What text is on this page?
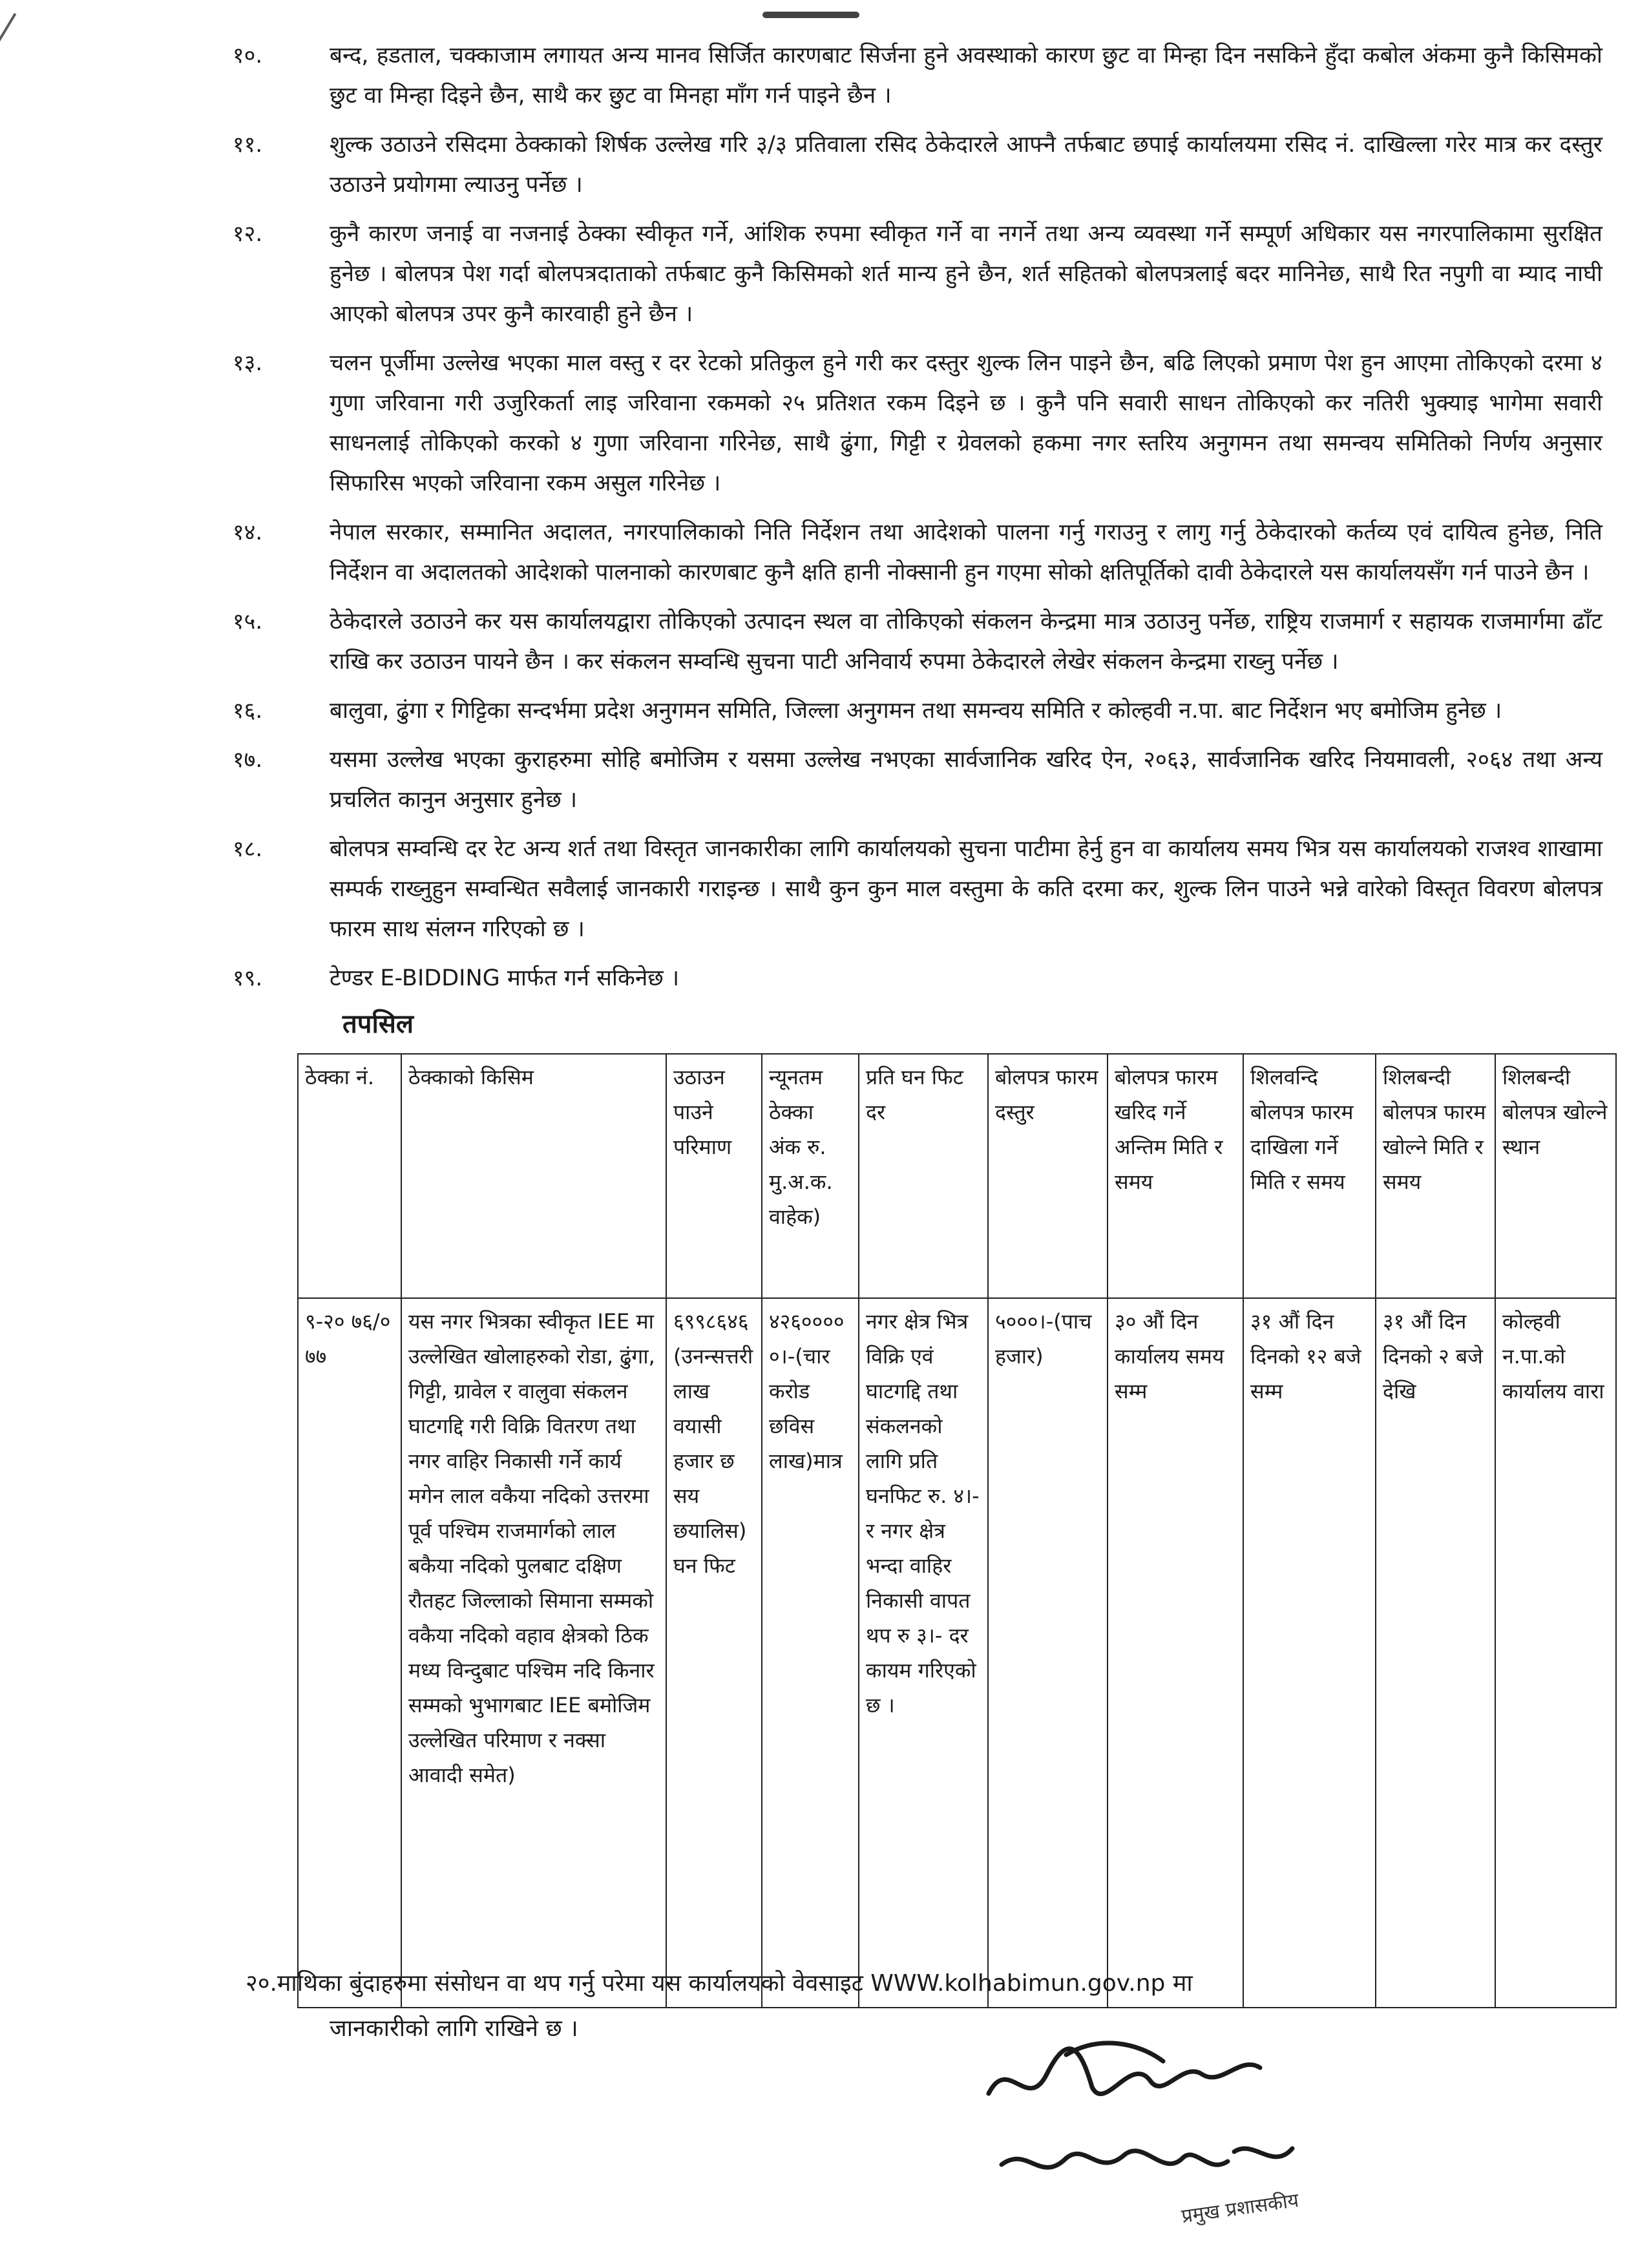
१०.	बन्द, हडताल, चक्काजाम लगायत अन्य मानव सिर्जित कारणबाट सिर्जना हुने अवस्थाको कारण छुट वा मिन्हा दिन नसकिने हुँदा कबोल अंकमा कुनै किसिमको छुट वा मिन्हा दिइने छैन, साथै कर छुट वा मिनहा माँग गर्न पाइने छैन ।
११.	शुल्क उठाउने रसिदमा ठेक्काको शिर्षक उल्लेख गरि ३/३ प्रतिवाला रसिद ठेकेदारले आफ्नै तर्फबाट छपाई कार्यालयमा रसिद नं. दाखिल्ला गरेर मात्र कर दस्तुर उठाउने प्रयोगमा ल्याउनु पर्नेछ ।
१२.	कुनै कारण जनाई वा नजनाई ठेक्का स्वीकृत गर्ने, आंशिक रुपमा स्वीकृत गर्ने वा नगर्ने तथा अन्य व्यवस्था गर्ने सम्पूर्ण अधिकार यस नगरपालिकामा सुरक्षित हुनेछ । बोलपत्र पेश गर्दा बोलपत्रदाताको तर्फबाट कुनै किसिमको शर्त मान्य हुने छैन, शर्त सहितको बोलपत्रलाई बदर मानिनेछ, साथै रित नपुगी वा म्याद नाघी आएको बोलपत्र उपर कुनै कारवाही हुने छैन ।
१३.	चलन पूर्जीमा उल्लेख भएका माल वस्तु र दर रेटको प्रतिकुल हुने गरी कर दस्तुर शुल्क लिन पाइने छैन, बढि लिएको प्रमाण पेश हुन आएमा तोकिएको दरमा ४ गुणा जरिवाना गरी उजुरिकर्ता लाइ जरिवाना रकमको २५ प्रतिशत रकम दिइने छ । कुनै पनि सवारी साधन तोकिएको कर नतिरी भुक्याइ भागेमा सवारी साधनलाई तोकिएको करको ४ गुणा जरिवाना गरिनेछ, साथै ढुंगा, गिट्टी र ग्रेवलको हकमा नगर स्तरिय अनुगमन तथा समन्वय समितिको निर्णय अनुसार सिफारिस भएको जरिवाना रकम असुल गरिनेछ ।
१४.	नेपाल सरकार, सम्मानित अदालत, नगरपालिकाको निति निर्देशन तथा आदेशको पालना गर्नु गराउनु र लागु गर्नु ठेकेदारको कर्तव्य एवं दायित्व हुनेछ, निति निर्देशन वा अदालतको आदेशको पालनाको कारणबाट कुनै क्षति हानी नोक्सानी हुन गएमा सोको क्षतिपूर्तिको दावी ठेकेदारले यस कार्यालयसँग गर्न पाउने छैन ।
१५.	ठेकेदारले उठाउने कर यस कार्यालयद्वारा तोकिएको उत्पादन स्थल वा तोकिएको संकलन केन्द्रमा मात्र उठाउनु पर्नेछ, राष्ट्रिय राजमार्ग र सहायक राजमार्गमा ढाँट राखि कर उठाउन पायने छैन । कर संकलन सम्वन्धि सुचना पाटी अनिवार्य रुपमा ठेकेदारले लेखेर संकलन केन्द्रमा राख्नु पर्नेछ ।
१६.	बालुवा, ढुंगा र गिट्टिका सन्दर्भमा प्रदेश अनुगमन समिति, जिल्ला अनुगमन तथा समन्वय समिति र कोल्हवी न.पा. बाट निर्देशन भए बमोजिम हुनेछ ।
१७.	यसमा उल्लेख भएका कुराहरुमा सोहि बमोजिम र यसमा उल्लेख नभएका सार्वजानिक खरिद ऐन, २०६३, सार्वजानिक खरिद नियमावली, २०६४ तथा अन्य प्रचलित कानुन अनुसार हुनेछ ।
१८.	बोलपत्र सम्वन्धि दर रेट अन्य शर्त तथा विस्तृत जानकारीका लागि कार्यालयको सुचना पाटीमा हेर्नु हुन वा कार्यालय समय भित्र यस कार्यालयको राजश्व शाखामा सम्पर्क राख्नुहुन सम्वन्धित सवैलाई जानकारी गराइन्छ । साथै कुन कुन माल वस्तुमा के कति दरमा कर, शुल्क लिन पाउने भन्ने वारेको विस्तृत विवरण बोलपत्र फारम साथ संलग्न गरिएको छ ।
१९.	टेण्डर E-BIDDING मार्फत गर्न सकिनेछ ।
तपसिल
ठेक्का नं.	ठेक्काको किसिम	उठाउन पाउने परिमाण	न्यूनतम ठेक्का अंक रु. मु.अ.क. वाहेक)	प्रति घन फिट दर	बोलपत्र फारम दस्तुर	बोलपत्र फारम खरिद गर्ने अन्तिम मिति र समय	शिलवन्दि बोलपत्र फारम दाखिला गर्ने मिति र समय	शिलबन्दी बोलपत्र फारम खोल्ने मिति र समय	शिलबन्दी बोलपत्र खोल्ने स्थान
९-२० ७६/० ७७	यस नगर भित्रका स्वीकृत IEE मा उल्लेखित खोलाहरुको रोडा, ढुंगा, गिट्टी, ग्रावेल र वालुवा संकलन घाटगद्दि गरी विक्रि वितरण तथा नगर वाहिर निकासी गर्ने कार्य मगेन लाल वकैया नदिको उत्तरमा पूर्व पश्चिम राजमार्गको लाल बकैया नदिको पुलबाट दक्षिण रौतहट जिल्लाको सिमाना सम्मको वकैया नदिको वहाव क्षेत्रको ठिक मध्य विन्दुबाट पश्चिम नदि किनार सम्मको भुभागबाट IEE बमोजिम उल्लेखित परिमाण र नक्सा आवादी समेत)	६९९८६४६ (उनन्सत्तरी लाख वयासी हजार छ सय छयालिस) घन फिट	४२६०००००।-(चार करोड छविस लाख)मात्र	नगर क्षेत्र भित्र विक्रि एवं घाटगद्दि तथा संकलनको लागि प्रति घनफिट रु. ४।- र नगर क्षेत्र भन्दा वाहिर निकासी वापत थप रु ३।- दर कायम गरिएको छ ।	५०००।-(पाच हजार)	३० औं दिन कार्यालय समय सम्म	३१ औं दिन दिनको १२ बजे सम्म	३१ औं दिन दिनको २ बजे देखि	कोल्हवी न.पा.को कार्यालय वारा
२०.माथिका बुंदाहरुमा संसोधन वा थप गर्नु परेमा यस कार्यालयको वेवसाइट WWW.kolhabimun.gov.np मा
जानकारीको लागि राखिने छ ।
प्रमुख प्रशासकीय
